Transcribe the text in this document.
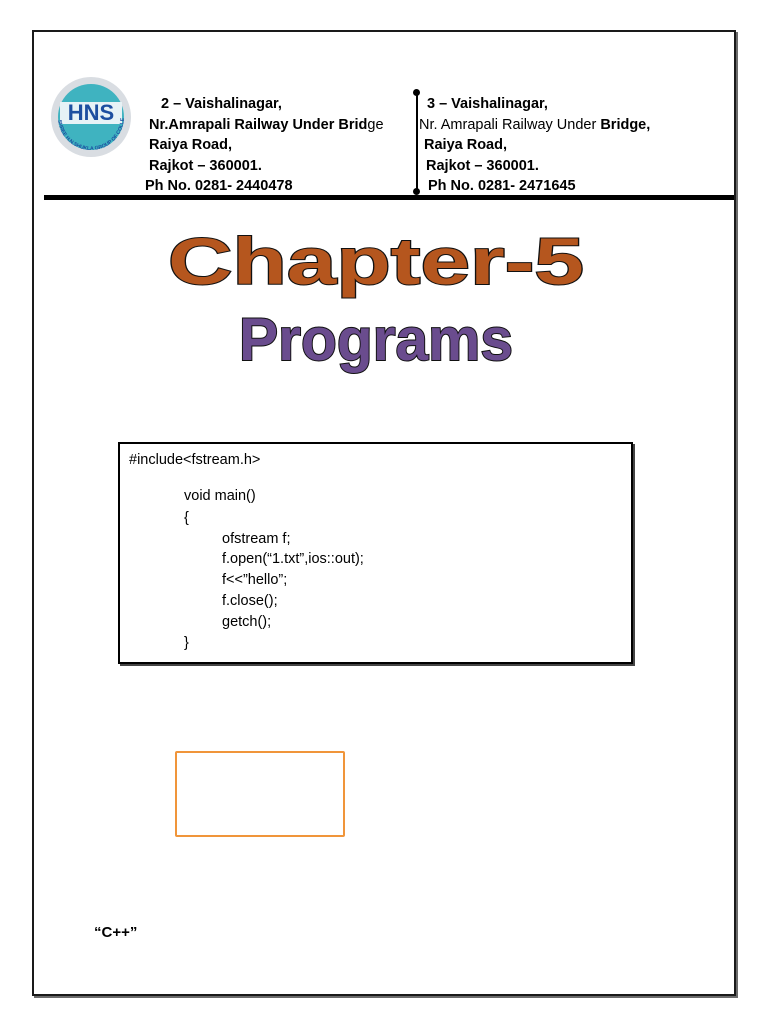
HNS
SHREE H.N.SHUKLA GROUP OF COLLE
2 – Vaishalinagar,
Nr.Amrapali Railway Under Bridge
Raiya Road,
Rajkot – 360001.
Ph No. 0281- 2440478
3 – Vaishalinagar,
Nr. Amrapali Railway Under Bridge,
Raiya Road,
Rajkot – 360001.
Ph No. 0281- 2471645
Chapter-5
Programs
#include<fstream.h>
void main()
{
ofstream f;
f.open(“1.txt”,ios::out);
f<<”hello”;
f.close();
getch();
}
“C++”
